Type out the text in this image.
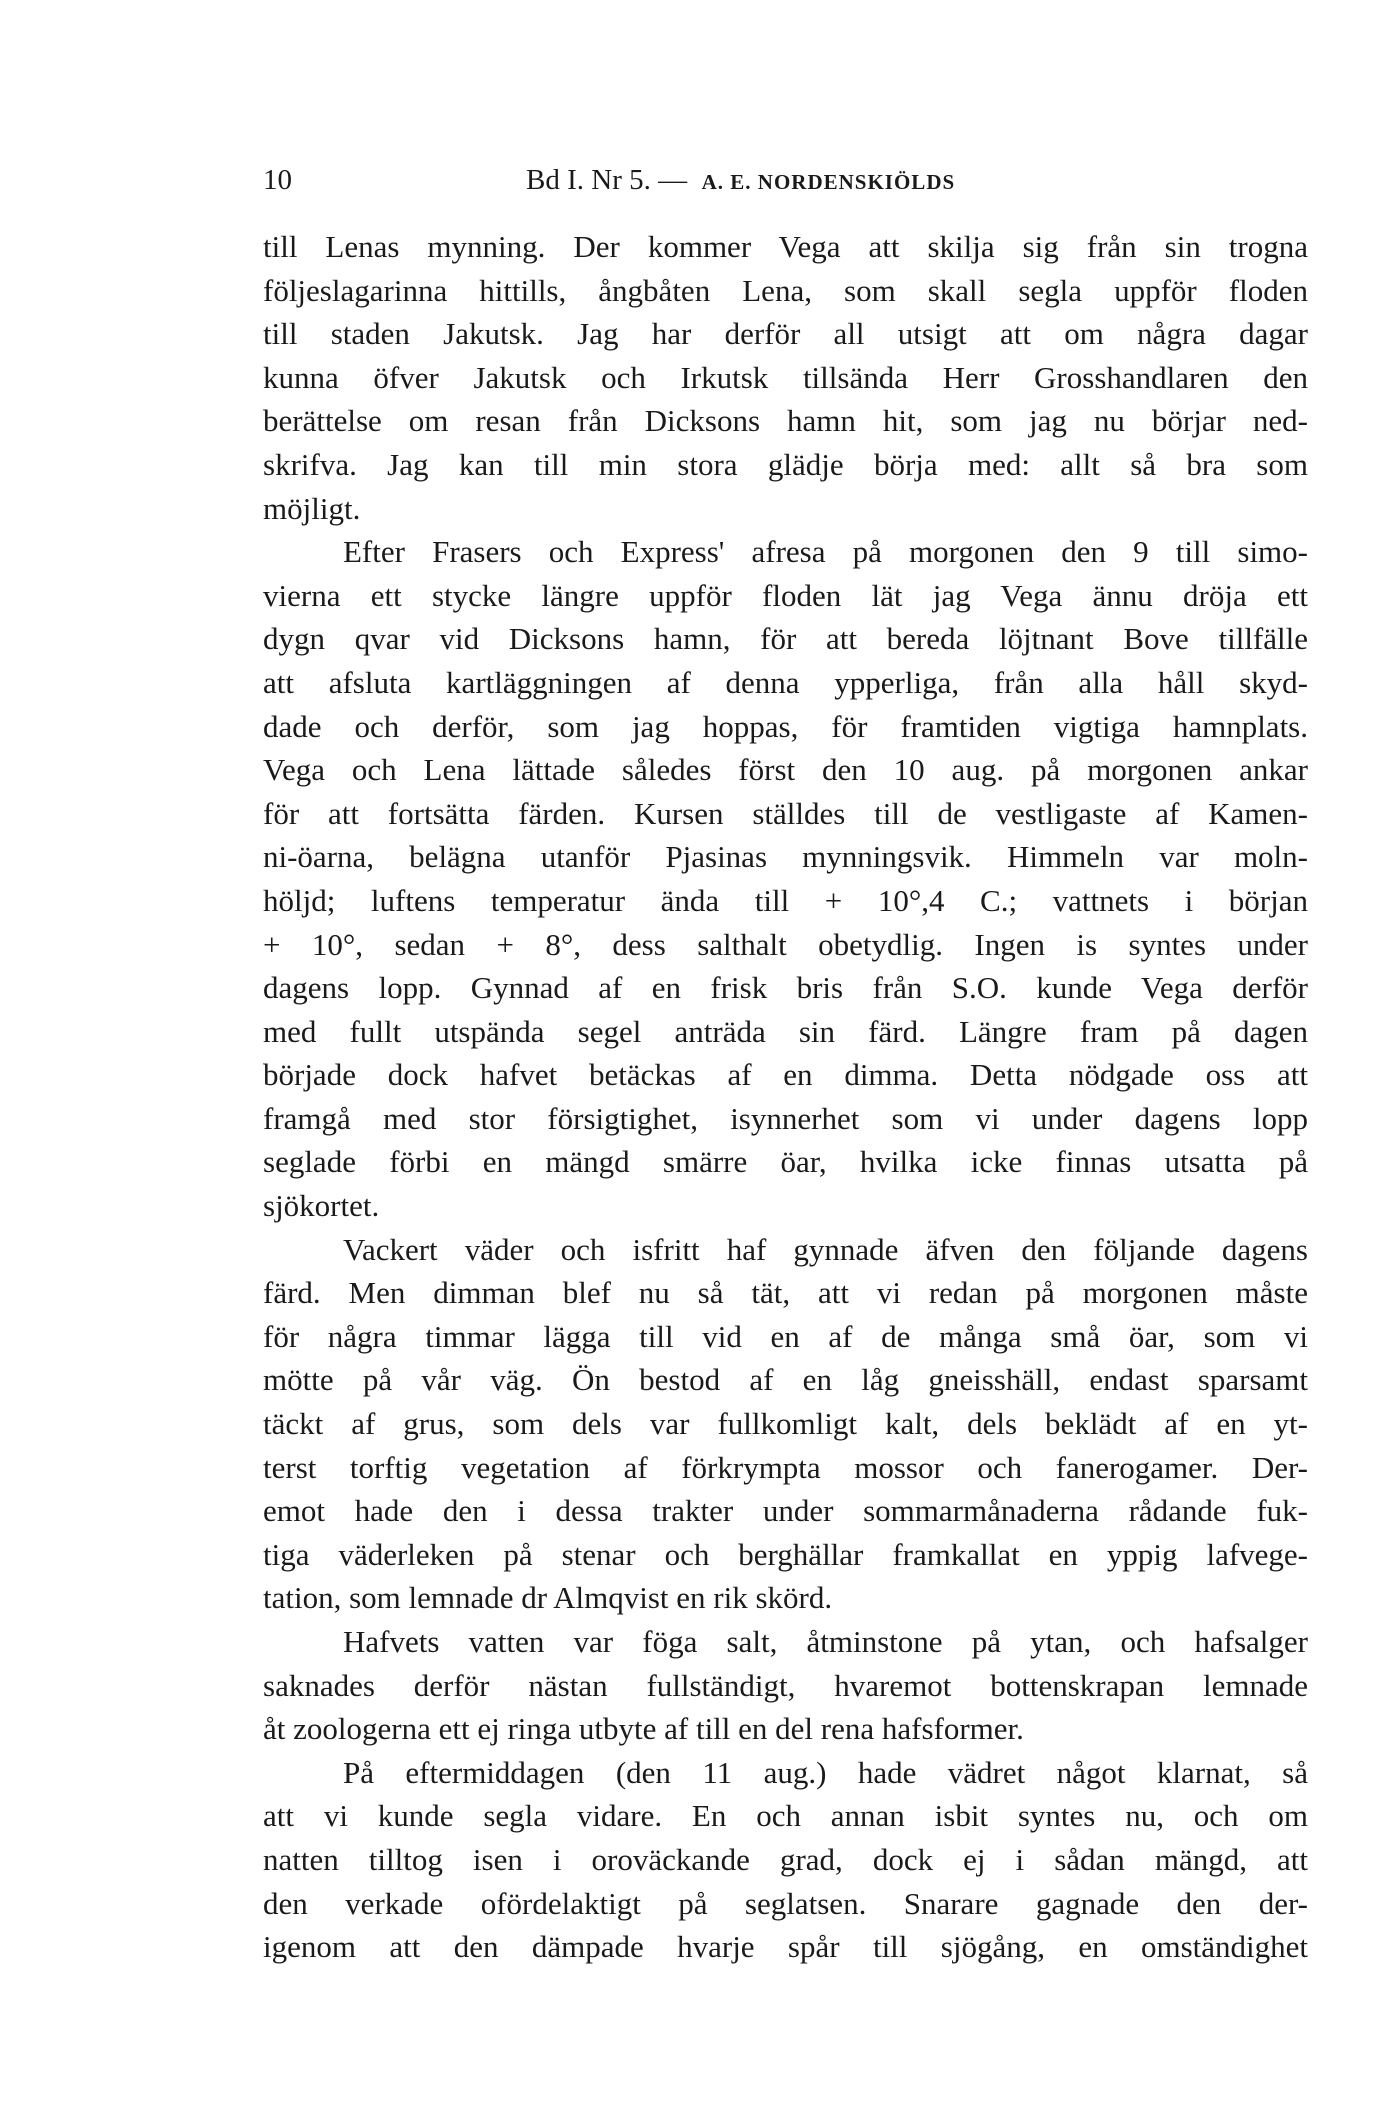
10	Bd I. Nr 5. — A. E. NORDENSKIÖLDS
till Lenas mynning. Der kommer Vega att skilja sig från sin trogna
följeslagarinna hittills, ångbåten Lena, som skall segla uppför floden
till staden Jakutsk. Jag har derför all utsigt att om några dagar
kunna öfver Jakutsk och Irkutsk tillsända Herr Grosshandlaren den
berättelse om resan från Dicksons hamn hit, som jag nu börjar ned-
skrifva. Jag kan till min stora glädje börja med: allt så bra som
möjligt.
Efter Frasers och Express' afresa på morgonen den 9 till simo-
vierna ett stycke längre uppför floden lät jag Vega ännu dröja ett
dygn qvar vid Dicksons hamn, för att bereda löjtnant Bove tillfälle
att afsluta kartläggningen af denna ypperliga, från alla håll skyd-
dade och derför, som jag hoppas, för framtiden vigtiga hamnplats.
Vega och Lena lättade således först den 10 aug. på morgonen ankar
för att fortsätta färden. Kursen ställdes till de vestligaste af Kamen-
ni-öarna, belägna utanför Pjasinas mynningsvik. Himmeln var moln-
höljd; luftens temperatur ända till + 10°,4 C.; vattnets i början
+ 10°, sedan + 8°, dess salthalt obetydlig. Ingen is syntes under
dagens lopp. Gynnad af en frisk bris från S.O. kunde Vega derför
med fullt utspända segel anträda sin färd. Längre fram på dagen
började dock hafvet betäckas af en dimma. Detta nödgade oss att
framgå med stor försigtighet, isynnerhet som vi under dagens lopp
seglade förbi en mängd smärre öar, hvilka icke finnas utsatta på
sjökortet.
Vackert väder och isfritt haf gynnade äfven den följande dagens
färd. Men dimman blef nu så tät, att vi redan på morgonen måste
för några timmar lägga till vid en af de många små öar, som vi
mötte på vår väg. Ön bestod af en låg gneisshäll, endast sparsamt
täckt af grus, som dels var fullkomligt kalt, dels beklädt af en yt-
terst torftig vegetation af förkrympta mossor och fanerogamer. Der-
emot hade den i dessa trakter under sommarmånaderna rådande fuk-
tiga väderleken på stenar och berghällar framkallat en yppig lafvege-
tation, som lemnade dr Almqvist en rik skörd.
Hafvets vatten var föga salt, åtminstone på ytan, och hafsalger
saknades derför nästan fullständigt, hvaremot bottenskrapan lemnade
åt zoologerna ett ej ringa utbyte af till en del rena hafsformer.
På eftermiddagen (den 11 aug.) hade vädret något klarnat, så
att vi kunde segla vidare. En och annan isbit syntes nu, och om
natten tilltog isen i oroväckande grad, dock ej i sådan mängd, att
den verkade ofördelaktigt på seglatsen. Snarare gagnade den der-
igenom att den dämpade hvarje spår till sjögång, en omständighet
